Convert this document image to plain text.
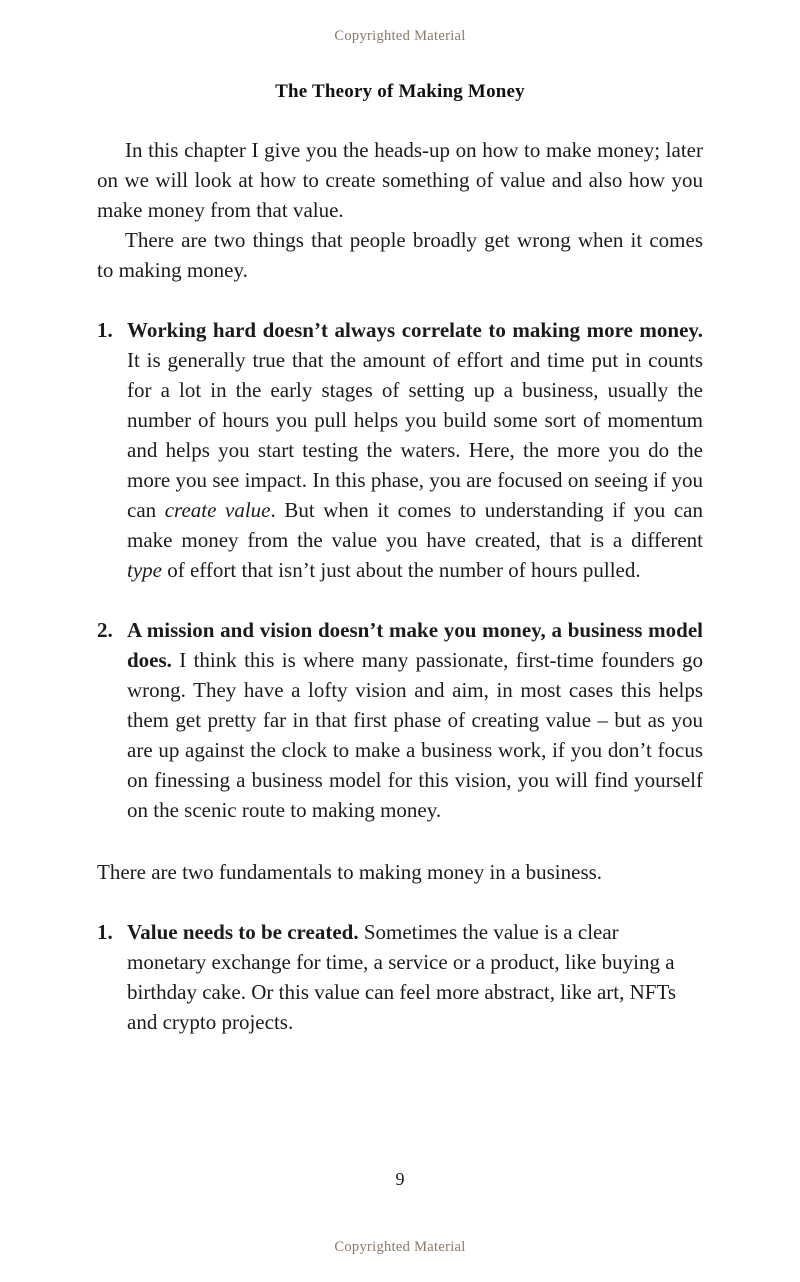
Copyrighted Material
The Theory of Making Money

In this chapter I give you the heads-up on how to make money; later on we will look at how to create something of value and also how you make money from that value.

There are two things that people broadly get wrong when it comes to making money.

1. Working hard doesn’t always correlate to making more money. It is generally true that the amount of effort and time put in counts for a lot in the early stages of setting up a business, usually the number of hours you pull helps you build some sort of momentum and helps you start testing the waters. Here, the more you do the more you see impact. In this phase, you are focused on seeing if you can create value. But when it comes to understanding if you can make money from the value you have created, that is a different type of effort that isn’t just about the number of hours pulled.
2. A mission and vision doesn’t make you money, a business model does. I think this is where many passionate, first-time founders go wrong. They have a lofty vision and aim, in most cases this helps them get pretty far in that first phase of creating value – but as you are up against the clock to make a business work, if you don’t focus on finessing a business model for this vision, you will find yourself on the scenic route to making money.

There are two fundamentals to making money in a business.

1. Value needs to be created. Sometimes the value is a clear monetary exchange for time, a service or a product, like buying a birthday cake. Or this value can feel more abstract, like art, NFTs and crypto projects.
9
Copyrighted Material
